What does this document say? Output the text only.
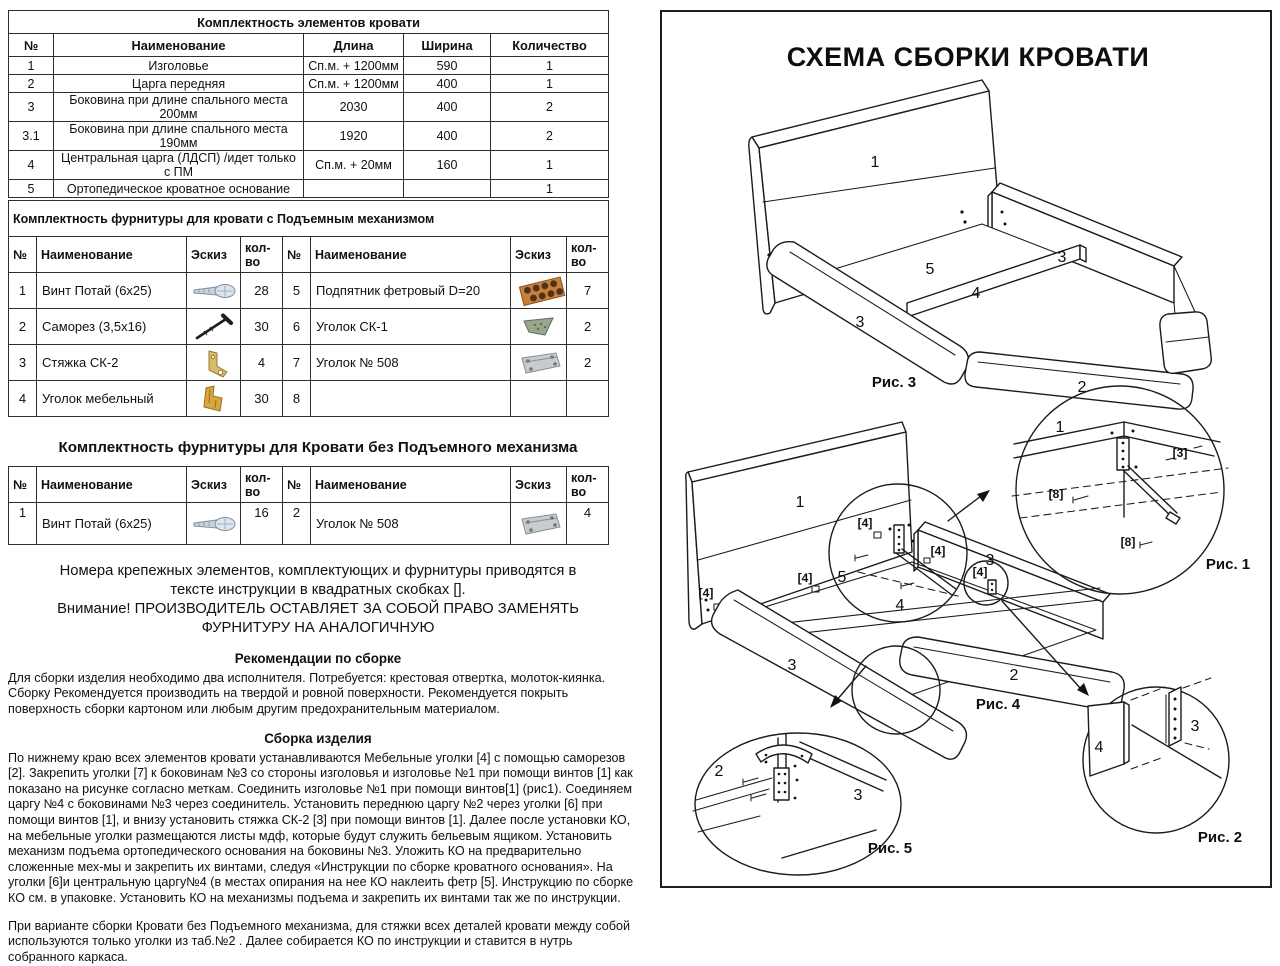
Комплектность элементов кровати				
№	Наименование	Длина	Ширина	Количество
1	Изголовье	Сп.м. + 1200мм	590	1
2	Царга передняя	Сп.м. + 1200мм	400	1
3	Боковина при длине спального места 200мм	2030	400	2
3.1	Боковина при длине спального места 190мм	1920	400	2
4	Центральная царга (ЛДСП) /идет только с ПМ	Сп.м. + 20мм	160	1
5	Ортопедическое кроватное основание			1
Комплектность фурнитуры для кровати с Подъемным механизмом							
№	Наименование	Эскиз	кол-во	№	Наименование	Эскиз	кол-во
1	Винт Потай (6х25)		28	5	Подпятник фетровый D=20		7
2	Саморез (3,5х16)		30	6	Уголок СК-1		2
3	Стяжка СК-2		4	7	Уголок № 508		2
4	Уголок мебельный		30	8			
Комплектность фурнитуры для Кровати без Подъемного механизма
№	Наименование	Эскиз	кол-во	№	Наименование	Эскиз	кол-во
1	Винт Потай (6х25)		16	2	Уголок № 508		4
Номера крепежных элементов, комплектующих и фурнитуры приводятся в
тексте инструкции в квадратных скобках [].
Внимание! ПРОИЗВОДИТЕЛЬ ОСТАВЛЯЕТ ЗА СОБОЙ ПРАВО ЗАМЕНЯТЬ
ФУРНИТУРУ НА АНАЛОГИЧНУЮ
Рекомендации по сборке

Для сборки изделия необходимо два исполнителя. Потребуется: крестовая отвертка, молоток-киянка. Сборку Рекомендуется производить на твердой и ровной поверхности. Рекомендуется покрыть поверхность сборки картоном или любым другим предохранительным материалом.

Сборка изделия

По нижнему краю всех элементов кровати устанавливаются Мебельные уголки [4] с помощью саморезов [2]. Закрепить уголки [7] к боковинам №3 со стороны изголовья и изголовье №1 при помощи винтов [1] как показано на рисунке согласно меткам. Соединить изголовье №1 при помощи винтов[1] (рис1). Соединяем царгу №4 с боковинами №3 через соединитель. Установить переднюю царгу №2 через уголки [6] при помощи винтов [1], и внизу установить стяжка СК-2 [3] при помощи винтов [1]. Далее после установки КО, на мебельные уголки размещаются листы мдф, которые будут служить бельевым ящиком. Установить механизм подъема ортопедического основания на боковины №3. Уложить КО на предварительно сложенные мех-мы и закрепить их винтами, следуя «Инструкции по сборке кроватного основания». На уголки [6]и центральную царгу№4 (в местах опирания на нее КО наклеить фетр [5]. Инструкцию по сборке КО см. в упаковке. Установить КО на механизмы подъема и закрепить их винтами так же по инструкции.

При варианте сборки Кровати без Подъемного механизма, для стяжки всех деталей кровати между собой используются только уголки из таб.№2 . Далее собирается КО по инструкции и ставится в нутрь собранного каркаса.

СХЕМА СБОРКИ КРОВАТИ
1
3
5
4
3
2
Рис. 3
1
[4]
[4]
[4]
[4]
[4]
3
5
4
3
2
Рис. 4
1
[3]
[8]
[8]
Рис. 1
2
3
Рис. 5
4
3
Рис. 2
